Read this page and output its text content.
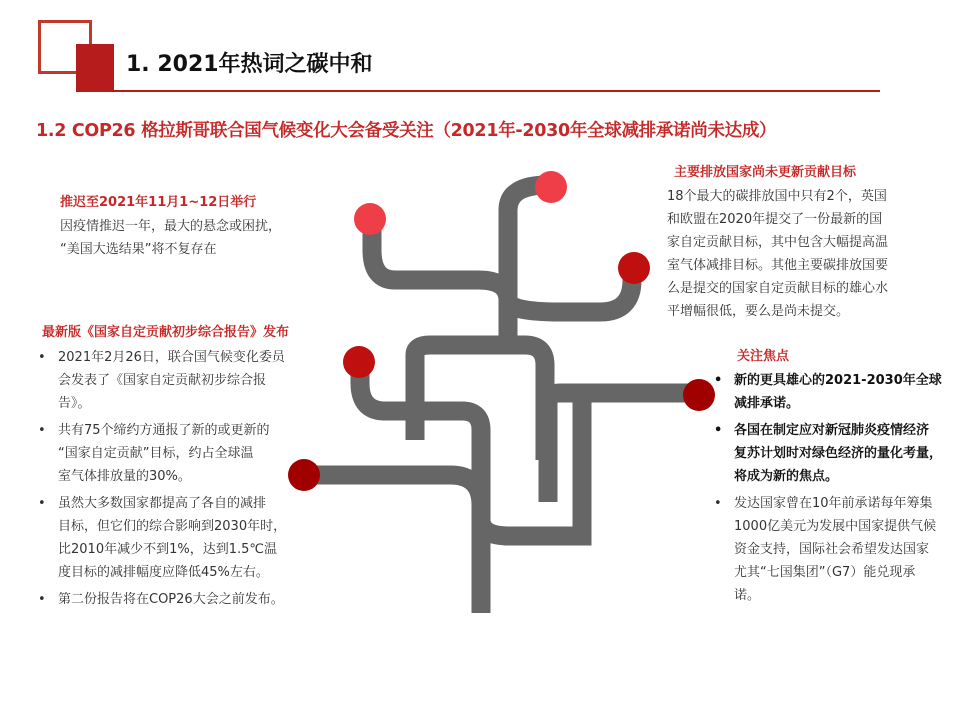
1. 2021年热词之碳中和
1.2 COP26 格拉斯哥联合国气候变化大会备受关注（2021年-2030年全球减排承诺尚未达成）
推迟至2021年11月1~12日举行
因疫情推迟一年，最大的悬念或困扰，
“美国大选结果”将不复存在
最新版《国家自定贡献初步综合报告》发布
• 2021年2月26日，联合国气候变化委员
会发表了《国家自定贡献初步综合报
告》。
• 共有75个缔约方通报了新的或更新的
“国家自定贡献”目标，约占全球温
室气体排放量的30%。
• 虽然大多数国家都提高了各自的减排
目标，但它们的综合影响到2030年时，
比2010年减少不到1%，达到1.5℃温
度目标的减排幅度应降低45%左右。
• 第二份报告将在COP26大会之前发布。
主要排放国家尚未更新贡献目标
18个最大的碳排放国中只有2个，英国
和欧盟在2020年提交了一份最新的国
家自定贡献目标，其中包含大幅提高温
室气体减排目标。其他主要碳排放国要
么是提交的国家自定贡献目标的雄心水
平增幅很低，要么是尚未提交。
关注焦点
• 新的更具雄心的2021-2030年全球
减排承诺。
• 各国在制定应对新冠肺炎疫情经济
复苏计划时对绿色经济的量化考量，
将成为新的焦点。
• 发达国家曾在10年前承诺每年筹集
1000亿美元为发展中国家提供气候
资金支持，国际社会希望发达国家
尤其“七国集团”（G7）能兑现承
诺。
